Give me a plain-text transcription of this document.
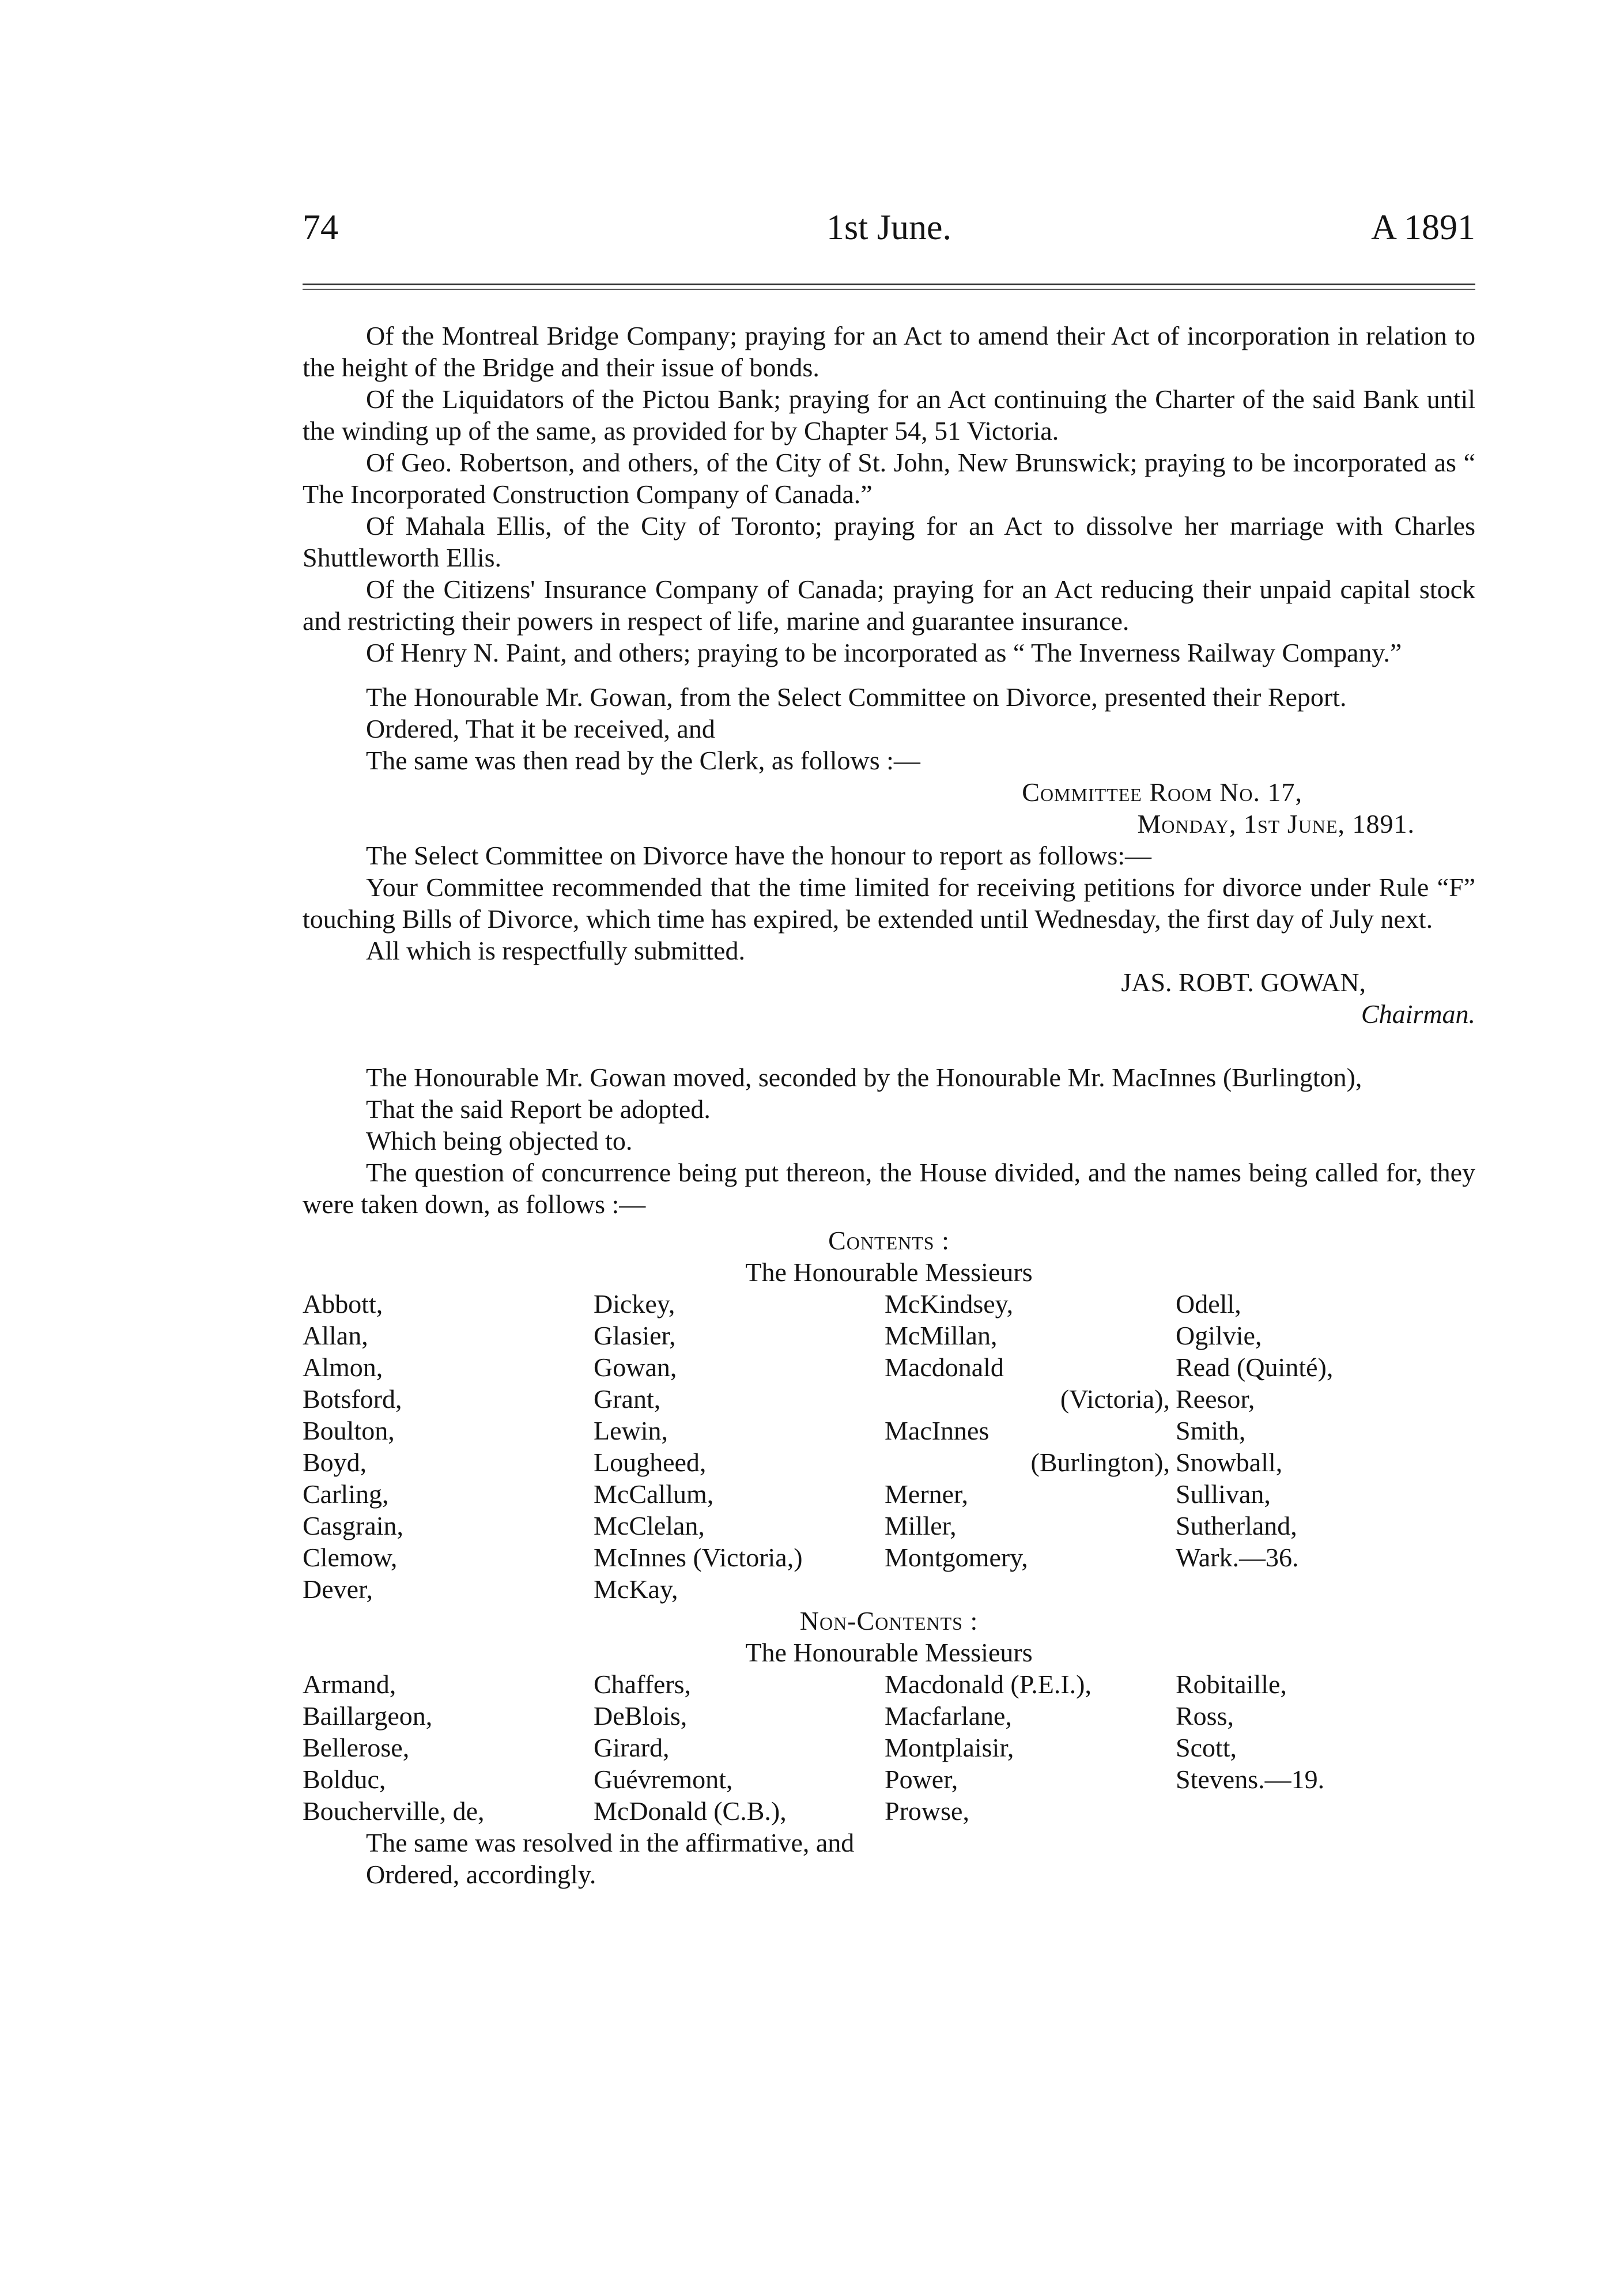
74	1st June.	A 1891

Of the Montreal Bridge Company; praying for an Act to amend their Act of incorporation in relation to the height of the Bridge and their issue of bonds.

Of the Liquidators of the Pictou Bank; praying for an Act continuing the Charter of the said Bank until the winding up of the same, as provided for by Chapter 54, 51 Victoria.

Of Geo. Robertson, and others, of the City of St. John, New Brunswick; praying to be incorporated as “ The Incorporated Construction Company of Canada.”

Of Mahala Ellis, of the City of Toronto; praying for an Act to dissolve her marriage with Charles Shuttleworth Ellis.

Of the Citizens' Insurance Company of Canada; praying for an Act reducing their unpaid capital stock and restricting their powers in respect of life, marine and guarantee insurance.

Of Henry N. Paint, and others; praying to be incorporated as “ The Inverness Railway Company.”

The Honourable Mr. Gowan, from the Select Committee on Divorce, presented their Report.

Ordered, That it be received, and

The same was then read by the Clerk, as follows :—

Committee Room No. 17,

Monday, 1st June, 1891.

The Select Committee on Divorce have the honour to report as follows:—

Your Committee recommended that the time limited for receiving petitions for divorce under Rule “F” touching Bills of Divorce, which time has expired, be extended until Wednesday, the first day of July next.

All which is respectfully submitted.

JAS. ROBT. GOWAN,

Chairman.

The Honourable Mr. Gowan moved, seconded by the Honourable Mr. MacInnes (Burlington),

That the said Report be adopted.

Which being objected to.

The question of concurrence being put thereon, the House divided, and the names being called for, they were taken down, as follows :—

Contents :

The Honourable Messieurs

Abbott,	Dickey,	McKindsey,	Odell,
Allan,	Glasier,	McMillan,	Ogilvie,
Almon,	Gowan,	Macdonald	Read (Quinté),
Botsford,	Grant,	(Victoria), Reesor,
Boulton,	Lewin,	MacInnes	Smith,
Boyd,	Lougheed,	(Burlington), Snowball,
Carling,	McCallum,	Merner,	Sullivan,
Casgrain,	McClelan,	Miller,	Sutherland,
Clemow,	McInnes (Victoria,)	Montgomery,	Wark.—36.
Dever,	McKay,

Non-Contents :

The Honourable Messieurs

Armand,	Chaffers,	Macdonald (P.E.I.),	Robitaille,
Baillargeon,	DeBlois,	Macfarlane,	Ross,
Bellerose,	Girard,	Montplaisir,	Scott,
Bolduc,	Guévremont,	Power,	Stevens.—19.
Boucherville, de,	McDonald (C.B.),	Prowse,

The same was resolved in the affirmative, and

Ordered, accordingly.
